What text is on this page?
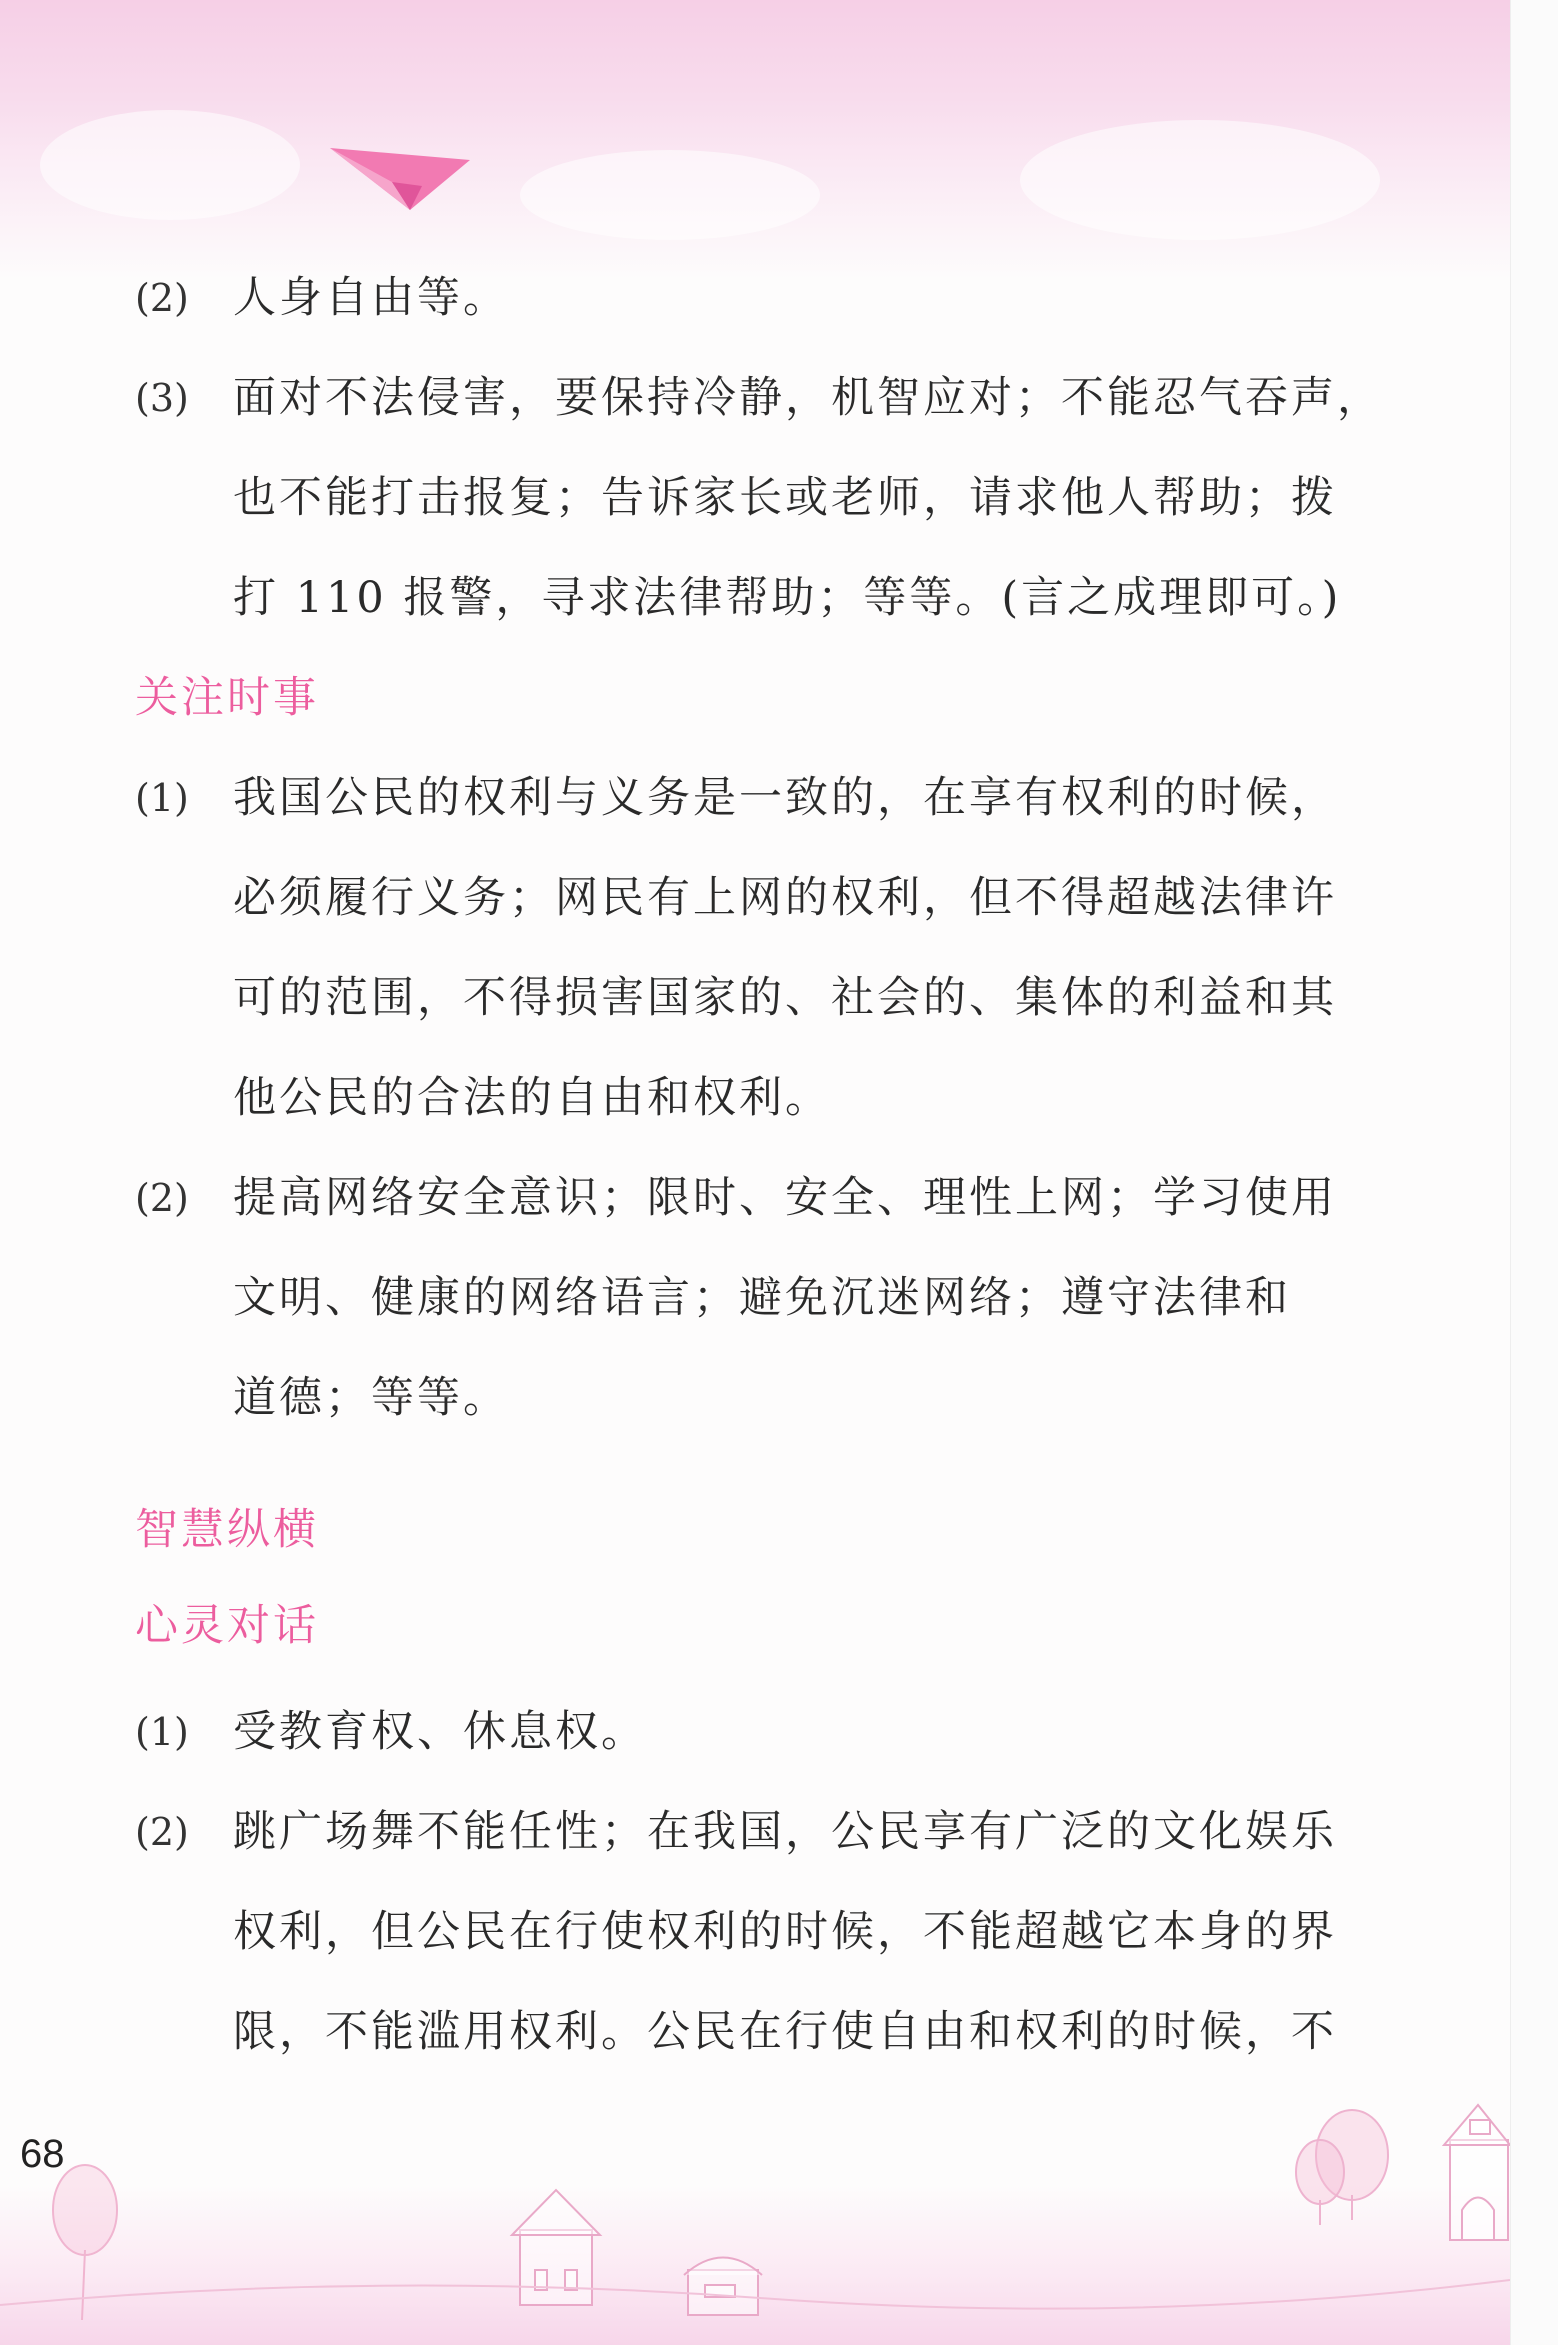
(2) 人身自由等。
(3) 面对不法侵害，要保持冷静，机智应对；不能忍气吞声，
也不能打击报复；告诉家长或老师，请求他人帮助；拨
打 110 报警，寻求法律帮助；等等。(言之成理即可。)
关注时事
(1) 我国公民的权利与义务是一致的，在享有权利的时候，
必须履行义务；网民有上网的权利，但不得超越法律许
可的范围，不得损害国家的、社会的、集体的利益和其
他公民的合法的自由和权利。
(2) 提高网络安全意识；限时、安全、理性上网；学习使用
文明、健康的网络语言；避免沉迷网络；遵守法律和
道德；等等。
智慧纵横
心灵对话
(1) 受教育权、休息权。
(2) 跳广场舞不能任性；在我国，公民享有广泛的文化娱乐
权利，但公民在行使权利的时候，不能超越它本身的界
限，不能滥用权利。公民在行使自由和权利的时候，不
68
